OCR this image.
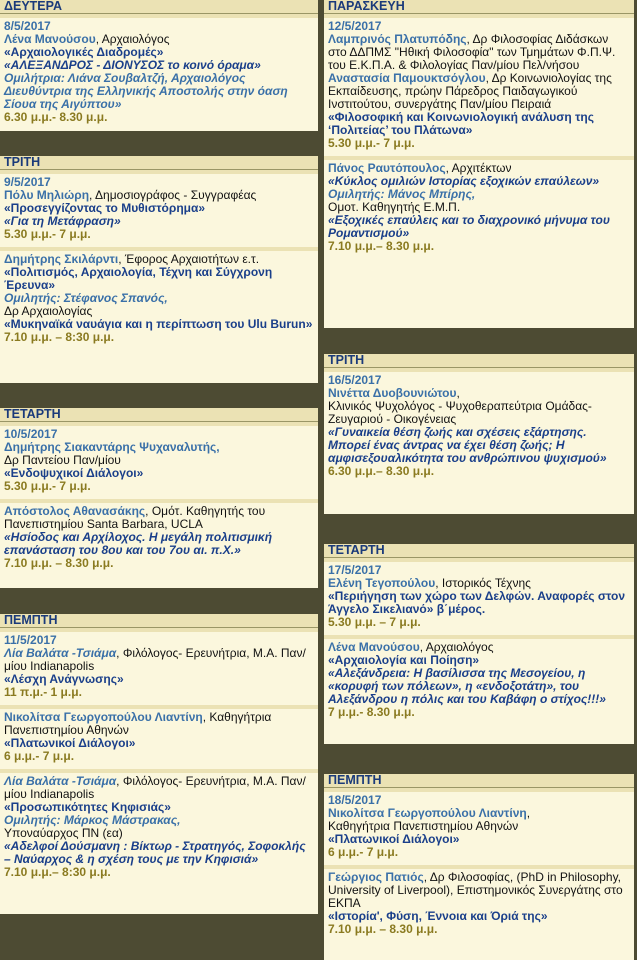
ΔΕΥΤΕΡΑ
8/5/2017
Λένα Μανούσου, Αρχαιολόγος
«Αρχαιολογικές Διαδρομές»
«ΑΛΕΞΑΝΔΡΟΣ - ΔΙΟΝΥΣΟΣ το κοινό όραμα»
Ομιλήτρια: Λιάνα Σουβαλτζή, Αρχαιολόγος Διευθύντρια της Ελληνικής Αποστολής στην όαση Σίουα της Αιγύπτου»
6.30 μ.μ.- 8.30 μ.μ.
ΤΡΙΤΗ
9/5/2017
Πόλυ Μηλιώρη, Δημοσιογράφος - Συγγραφέας
«Προσεγγίζοντας το Μυθιστόρημα»
«Για τη Μετάφραση»
5.30 μ.μ.- 7 μ.μ.
Δημήτρης Σκιλάρντι, Έφορος Αρχαιοτήτων ε.τ.
«Πολιτισμός, Αρχαιολογία, Τέχνη και Σύγχρονη Έρευνα»
Ομιλητής: Στέφανος Σπανός,
Δρ Αρχαιολογίας
«Μυκηναϊκά ναυάγια και η περίπτωση του Ulu Burun»
7.10 μ.μ. – 8:30 μ.μ.
ΤΕΤΑΡΤΗ
10/5/2017
Δημήτρης Σιακαντάρης Ψυχαναλυτής,
Δρ Παντείου Παν/μίου
«Ενδοψυχικοί Διάλογοι»
5.30 μ.μ.- 7 μ.μ.
Απόστολος Αθανασάκης, Ομότ. Καθηγητής του Πανεπιστημίου Santa Barbara, UCLA
«Ησίοδος και Αρχίλοχος. Η μεγάλη πολιτισμική επανάσταση του 8ου και του 7ου αι. π.Χ.»
7.10 μ.μ. – 8.30 μ.μ.
ΠΕΜΠΤΗ
11/5/2017
Λία Βαλάτα -Τσιάμα, Φιλόλογος- Ερευνήτρια, M.A. Παν/μίου Indianapolis
«Λέσχη Ανάγνωσης»
11 π.μ.- 1 μ.μ.
Νικολίτσα Γεωργοπούλου Λιαντίνη, Καθηγήτρια Πανεπιστημίου Αθηνών
«Πλατωνικοί Διάλογοι»
6 μ.μ.- 7 μ.μ.
Λία Βαλάτα -Τσιάμα, Φιλόλογος- Ερευνήτρια, M.A. Παν/μίου Indianapolis
«Προσωπικότητες Κηφισιάς»
Ομιλητής: Μάρκος Μάστρακας,
Υποναύαρχος ΠΝ (εα)
«Αδελφοί Δούσμανη : Βίκτωρ - Στρατηγός, Σοφοκλής – Ναύαρχος & η σχέση τους με την Κηφισιά»
7.10 μ.μ.– 8:30 μ.μ.
ΠΑΡΑΣΚΕΥΗ
12/5/2017
Λαμπρινός Πλατυπόδης, Δρ Φιλοσοφίας Διδάσκων στο ΔΔΠΜΣ "Ηθική Φιλοσοφία" των Τμημάτων Φ.Π.Ψ. του Ε.Κ.Π.Α. & Φιλολογίας Παν/μίου Πελ/νήσου
Αναστασία Παμουκτσόγλου, Δρ Κοινωνιολογίας της Εκπαίδευσης, πρώην Πάρεδρος Παιδαγωγικού Ινστιτούτου, συνεργάτης Παν/μίου Πειραιά
«Φιλοσοφική και Κοινωνιολογική ανάλυση της ‘Πολιτείας’ του Πλάτωνα»
5.30 μ.μ.- 7 μ.μ.
Πάνος Ραυτόπουλος, Αρχιτέκτων
«Κύκλος ομιλιών Ιστορίας εξοχικών επαύλεων»
Ομιλητής: Μάνος Μπίρης,
Ομοτ. Καθηγητής Ε.Μ.Π.
«Εξοχικές επαύλεις και το διαχρονικό μήνυμα του Ρομαντισμού»
7.10 μ.μ.– 8.30 μ.μ.
ΤΡΙΤΗ
16/5/2017
Νινέττα Δυοβουνιώτου,
Κλινικός Ψυχολόγος - Ψυχοθεραπεύτρια Ομάδας-Ζευγαριού - Οικογένειας
«Γυναικεία θέση ζωής και σχέσεις εξάρτησης. Μπορεί ένας άντρας να έχει θέση ζωής; Η αμφισεξουαλικότητα του ανθρώπινου ψυχισμού»
6.30 μ.μ.– 8.30 μ.μ.
ΤΕΤΑΡΤΗ
17/5/2017
Ελένη Τεγοπούλου, Ιστορικός Τέχνης
«Περιήγηση των χώρο των Δελφών. Αναφορές στον Άγγελο Σικελιανό» β΄μέρος.
5.30 μ.μ. – 7 μ.μ.
Λένα Μανούσου, Αρχαιολόγος
«Αρχαιολογία και Ποίηση»
«Αλεξάνδρεια: Η βασίλισσα της Μεσογείου, η «κορυφή των πόλεων», η «ενδοξοτάτη», του Αλεξάνδρου η πόλις και του Καβάφη ο στίχος!!!»
7 μ.μ.- 8.30 μ.μ.
ΠΕΜΠΤΗ
18/5/2017
Νικολίτσα Γεωργοπούλου Λιαντίνη,
Καθηγήτρια Πανεπιστημίου Αθηνών
«Πλατωνικοί Διάλογοι»
6 μ.μ.- 7 μ.μ.
Γεώργιος Πατιός, Δρ Φιλοσοφίας, (PhD in Philosophy, University of Liverpool), Επιστημονικός Συνεργάτης στο ΕΚΠΑ
«Ιστορία', Φύση, Έννοια και Όριά της»
7.10 μ.μ. – 8.30 μ.μ.
